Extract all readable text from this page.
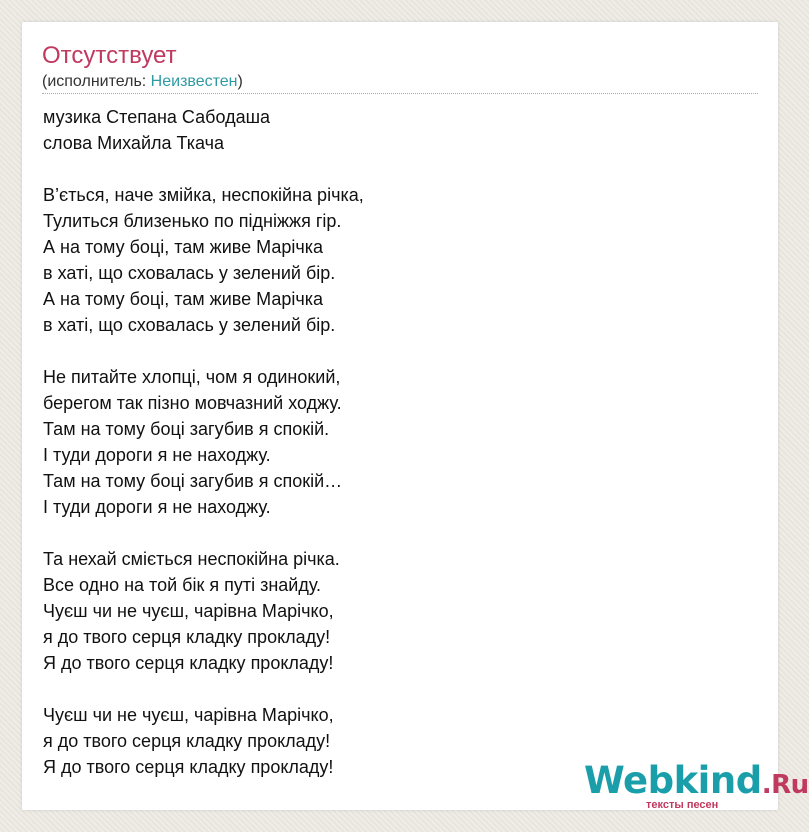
Отсутствует
(исполнитель: Неизвестен)
музика Степана Сабодаша
слова Михайла Ткача
В’ється, наче змійка, неспокійна річка,
Тулиться близенько по підніжжя гір.
А на тому боці, там живе Марічка
в хаті, що сховалась у зелений бір.
А на тому боці, там живе Марічка
в хаті, що сховалась у зелений бір.
Не питайте хлопці, чом я одинокий,
берегом так пізно мовчазний ходжу.
Там на тому боці загубив я спокій.
І туди дороги я не находжу.
Там на тому боці загубив я спокій…
І туди дороги я не находжу.
Та нехай сміється неспокійна річка.
Все одно на той бік я путі знайду.
Чуєш чи не чуєш, чарівна Марічко,
я до твого серця кладку прокладу!
Я до твого серця кладку прокладу!
Чуєш чи не чуєш, чарівна Марічко,
я до твого серця кладку прокладу!
Я до твого серця кладку прокладу!	Webkind.Ru
тексты песен
